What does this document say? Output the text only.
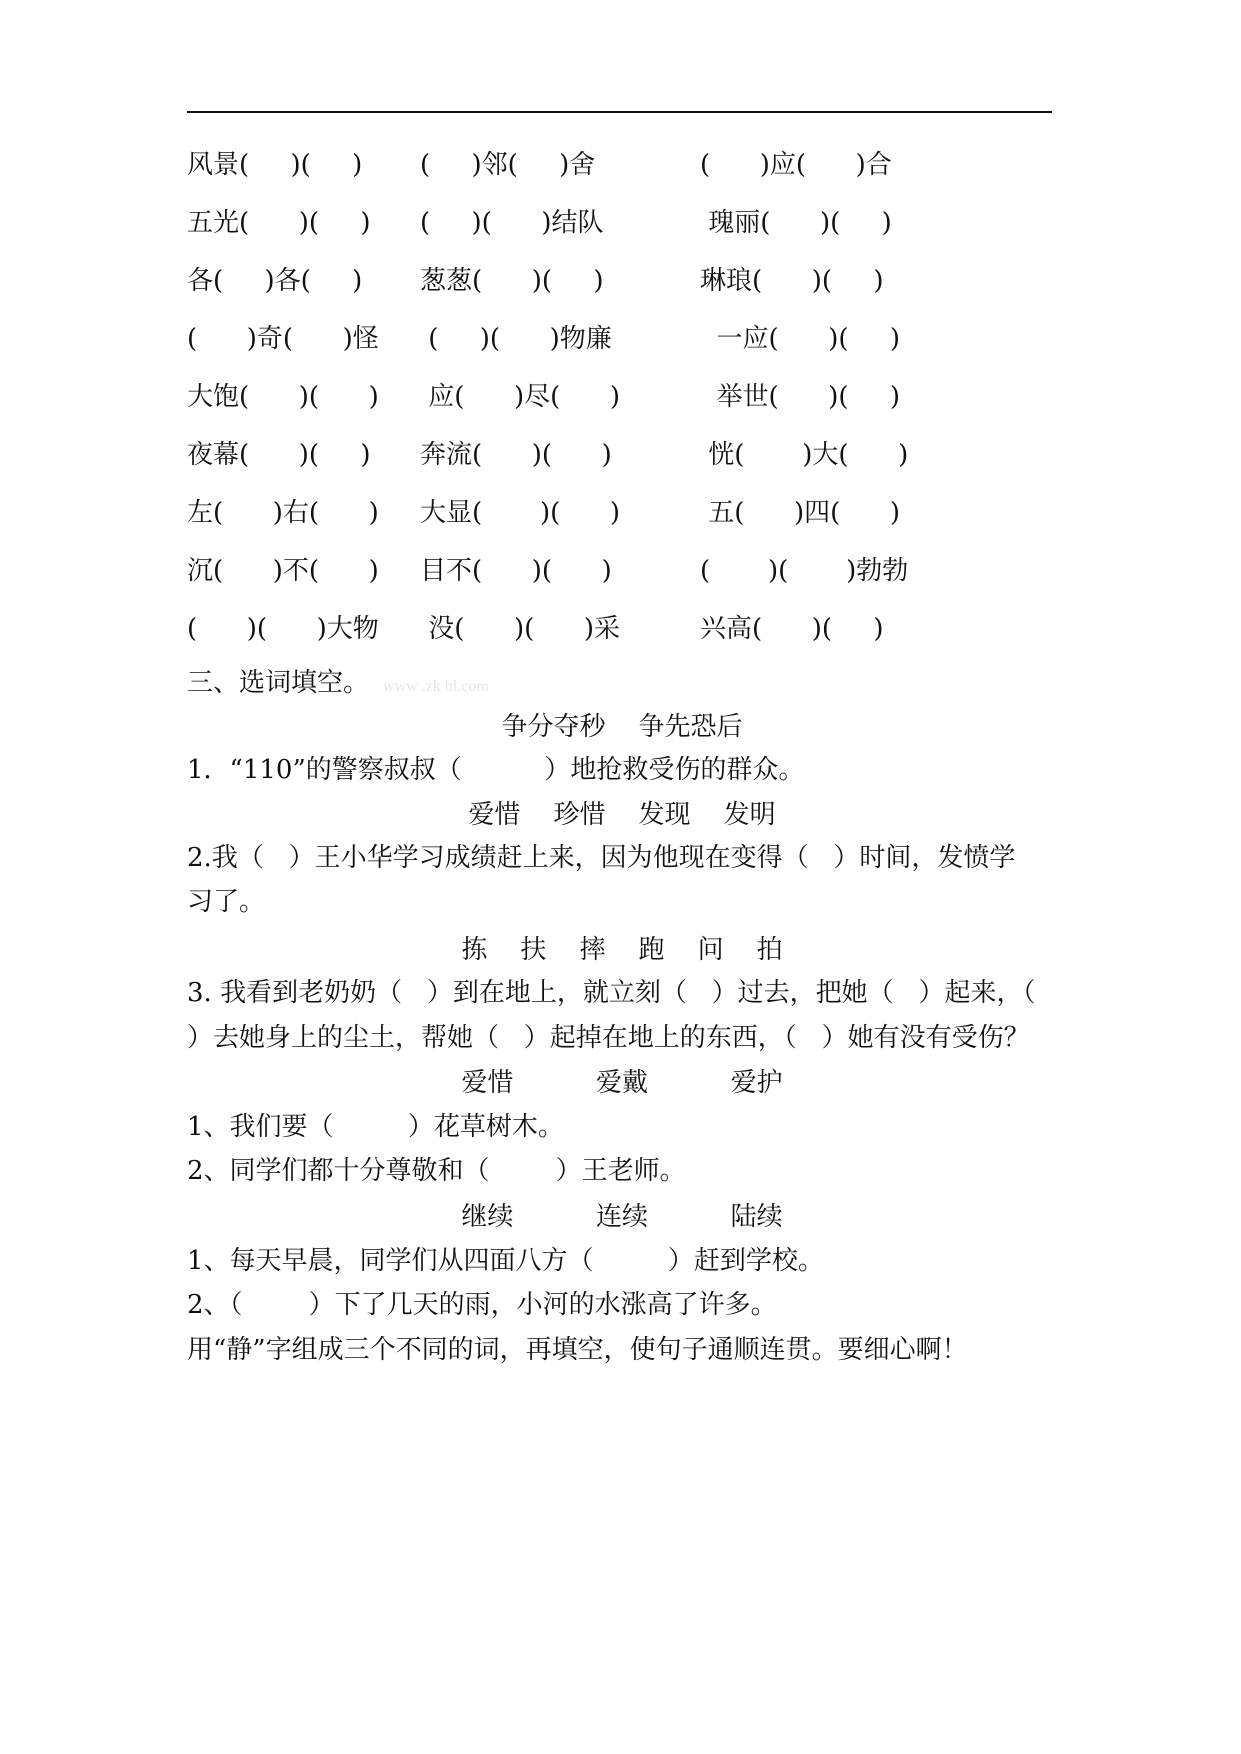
风景(     )(     ) (     )邻(     )舍	(      )应(      )合
五光(      )(     ) (     )(      )结队	瑰丽(      )(     )
各(     )各(     ) 葱葱(      )(     )	琳琅(      )(     )
(      )奇(      )怪 (     )(      )物廉	一应(      )(     )
大饱(      )(      ) 应(      )尽(      )	举世(      )(     )
夜幕(      )(     ) 奔流(      )(      )	恍(       )大(      )
左(      )右(      ) 大显(       )(      )	五(      )四(      )
沉(      )不(      ) 目不(      )(      )	(       )(       )勃勃
(      )(      )大物 没(      )(      )采	兴高(      )(     )
三、选词填空。 www .zk bl.com
争分夺秒    争先恐后
1．“110”的警察叔叔（          ）地抢救受伤的群众。
爱惜    珍惜    发现    发明
2.我（   ）王小华学习成绩赶上来，因为他现在变得（   ）时间，发愤学
习了。
拣    扶    摔    跑    问    拍
3. 我看到老奶奶（   ）到在地上，就立刻（   ）过去，把她（   ）起来，（
）去她身上的尘土，帮她（   ）起掉在地上的东西，（   ）她有没有受伤？
爱惜          爱戴          爱护
1、我们要（         ）花草树木。
2、同学们都十分尊敬和（        ）王老师。
继续          连续          陆续
1、每天早晨，同学们从四面八方（         ）赶到学校。
2、（        ）下了几天的雨，小河的水涨高了许多。
用“静”字组成三个不同的词，再填空，使句子通顺连贯。要细心啊！
